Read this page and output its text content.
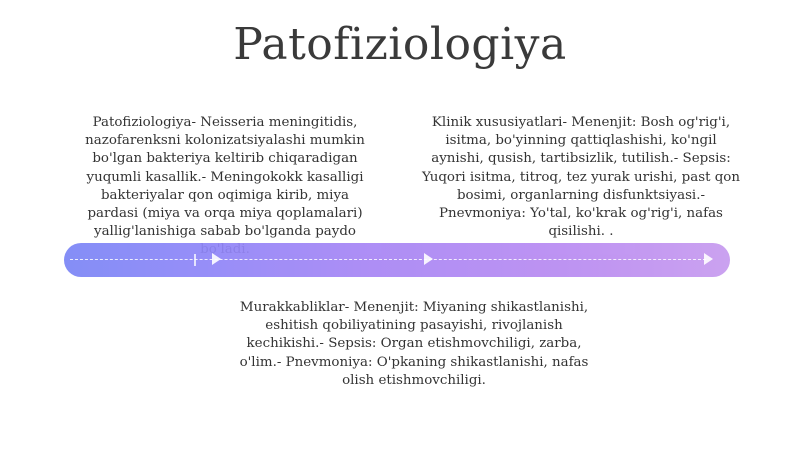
Patofiziologiya
Patofiziologiya- Neisseria meningitidis, nazofarenksni kolonizatsiyalashi mumkin bo'lgan bakteriya keltirib chiqaradigan yuqumli kasallik.- Meningokokk kasalligi bakteriyalar qon oqimiga kirib, miya pardasi (miya va orqa miya qoplamalari) yallig'lanishiga sabab bo'lganda paydo
Klinik xususiyatlari- Menenjit: Bosh og'rig'i, isitma, bo'yinning qattiqlashishi, ko'ngil aynishi, qusish, tartibsizlik, tutilish.- Sepsis: Yuqori isitma, titroq, tez yurak urishi, past qon bosimi, organlarning disfunktsiyasi.- Pnevmoniya: Yo'tal, ko'krak og'rig'i, nafas qisilishi. .
Murakkabliklar- Menenjit: Miyaning shikastlanishi, eshitish qobiliyatining pasayishi, rivojlanish kechikishi.- Sepsis: Organ etishmovchiligi, zarba, o'lim.- Pnevmoniya: O'pkaning shikastlanishi, nafas olish etishmovchiligi.
